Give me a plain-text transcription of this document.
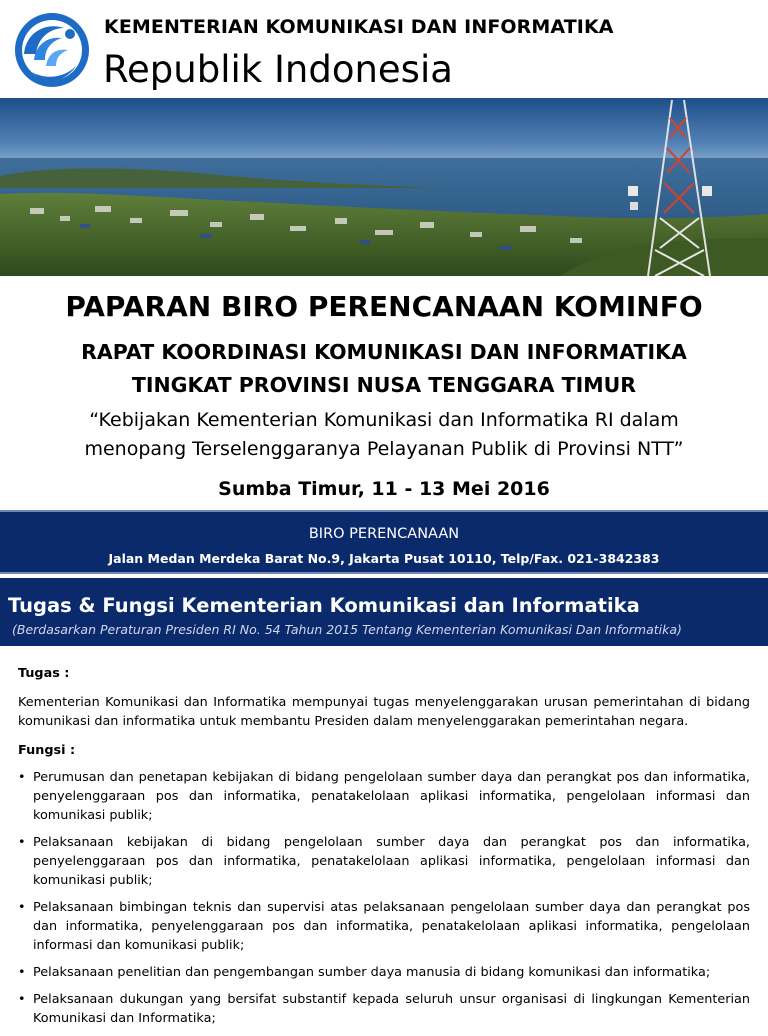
KEMENTERIAN KOMUNIKASI DAN INFORMATIKA
Republik Indonesia
PAPARAN BIRO PERENCANAAN KOMINFO
RAPAT KOORDINASI KOMUNIKASI DAN INFORMATIKA
TINGKAT PROVINSI NUSA TENGGARA TIMUR
“Kebijakan Kementerian Komunikasi dan Informatika RI dalam
menopang Terselenggaranya Pelayanan Publik di Provinsi NTT”
Sumba Timur, 11 - 13 Mei 2016
BIRO PERENCANAAN
Jalan Medan Merdeka Barat No.9, Jakarta Pusat 10110, Telp/Fax. 021-3842383
Tugas & Fungsi Kementerian Komunikasi dan Informatika
(Berdasarkan Peraturan Presiden RI No. 54 Tahun 2015 Tentang Kementerian Komunikasi Dan Informatika)
Tugas :

Kementerian Komunikasi dan Informatika mempunyai tugas menyelenggarakan urusan pemerintahan di bidang komunikasi dan informatika untuk membantu Presiden dalam menyelenggarakan pemerintahan negara.

Fungsi :
• Perumusan dan penetapan kebijakan di bidang pengelolaan sumber daya dan perangkat pos dan informatika, penyelenggaraan pos dan informatika, penatakelolaan aplikasi informatika, pengelolaan informasi dan komunikasi publik;
• Pelaksanaan kebijakan di bidang pengelolaan sumber daya dan perangkat pos dan informatika, penyelenggaraan pos dan informatika, penatakelolaan aplikasi informatika, pengelolaan informasi dan komunikasi publik;
• Pelaksanaan bimbingan teknis dan supervisi atas pelaksanaan pengelolaan sumber daya dan perangkat pos dan informatika, penyelenggaraan pos dan informatika, penatakelolaan aplikasi informatika, pengelolaan informasi dan komunikasi publik;
• Pelaksanaan penelitian dan pengembangan sumber daya manusia di bidang komunikasi dan informatika;
• Pelaksanaan dukungan yang bersifat substantif kepada seluruh unsur organisasi di lingkungan Kementerian Komunikasi dan Informatika;
